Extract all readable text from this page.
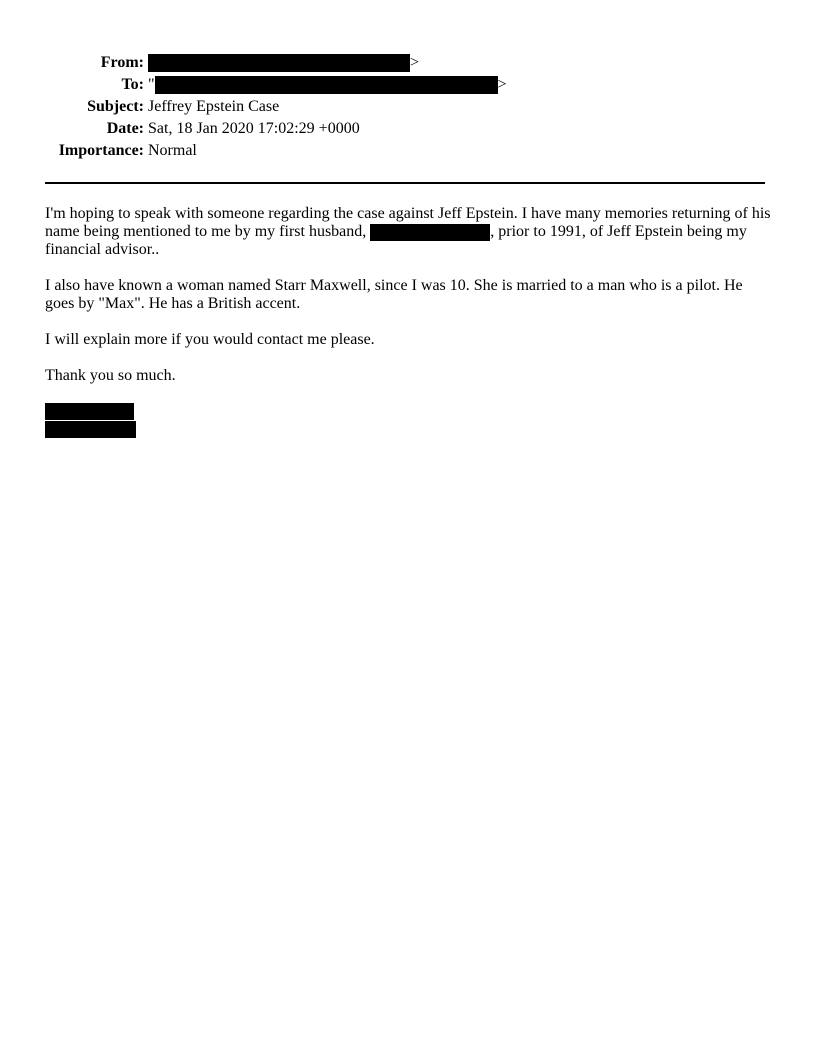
From:	>
To: "	>
Subject: Jeffrey Epstein Case
Date: Sat, 18 Jan 2020 17:02:29 +0000
Importance: Normal

I'm hoping to speak with someone regarding the case against Jeff Epstein. I have many memories returning of his name being mentioned to me by my first husband,	, prior to 1991, of Jeff Epstein being my financial advisor..

I also have known a woman named Starr Maxwell, since I was 10. She is married to a man who is a pilot. He goes by "Max". He has a British accent.

I will explain more if you would contact me please.

Thank you so much.
